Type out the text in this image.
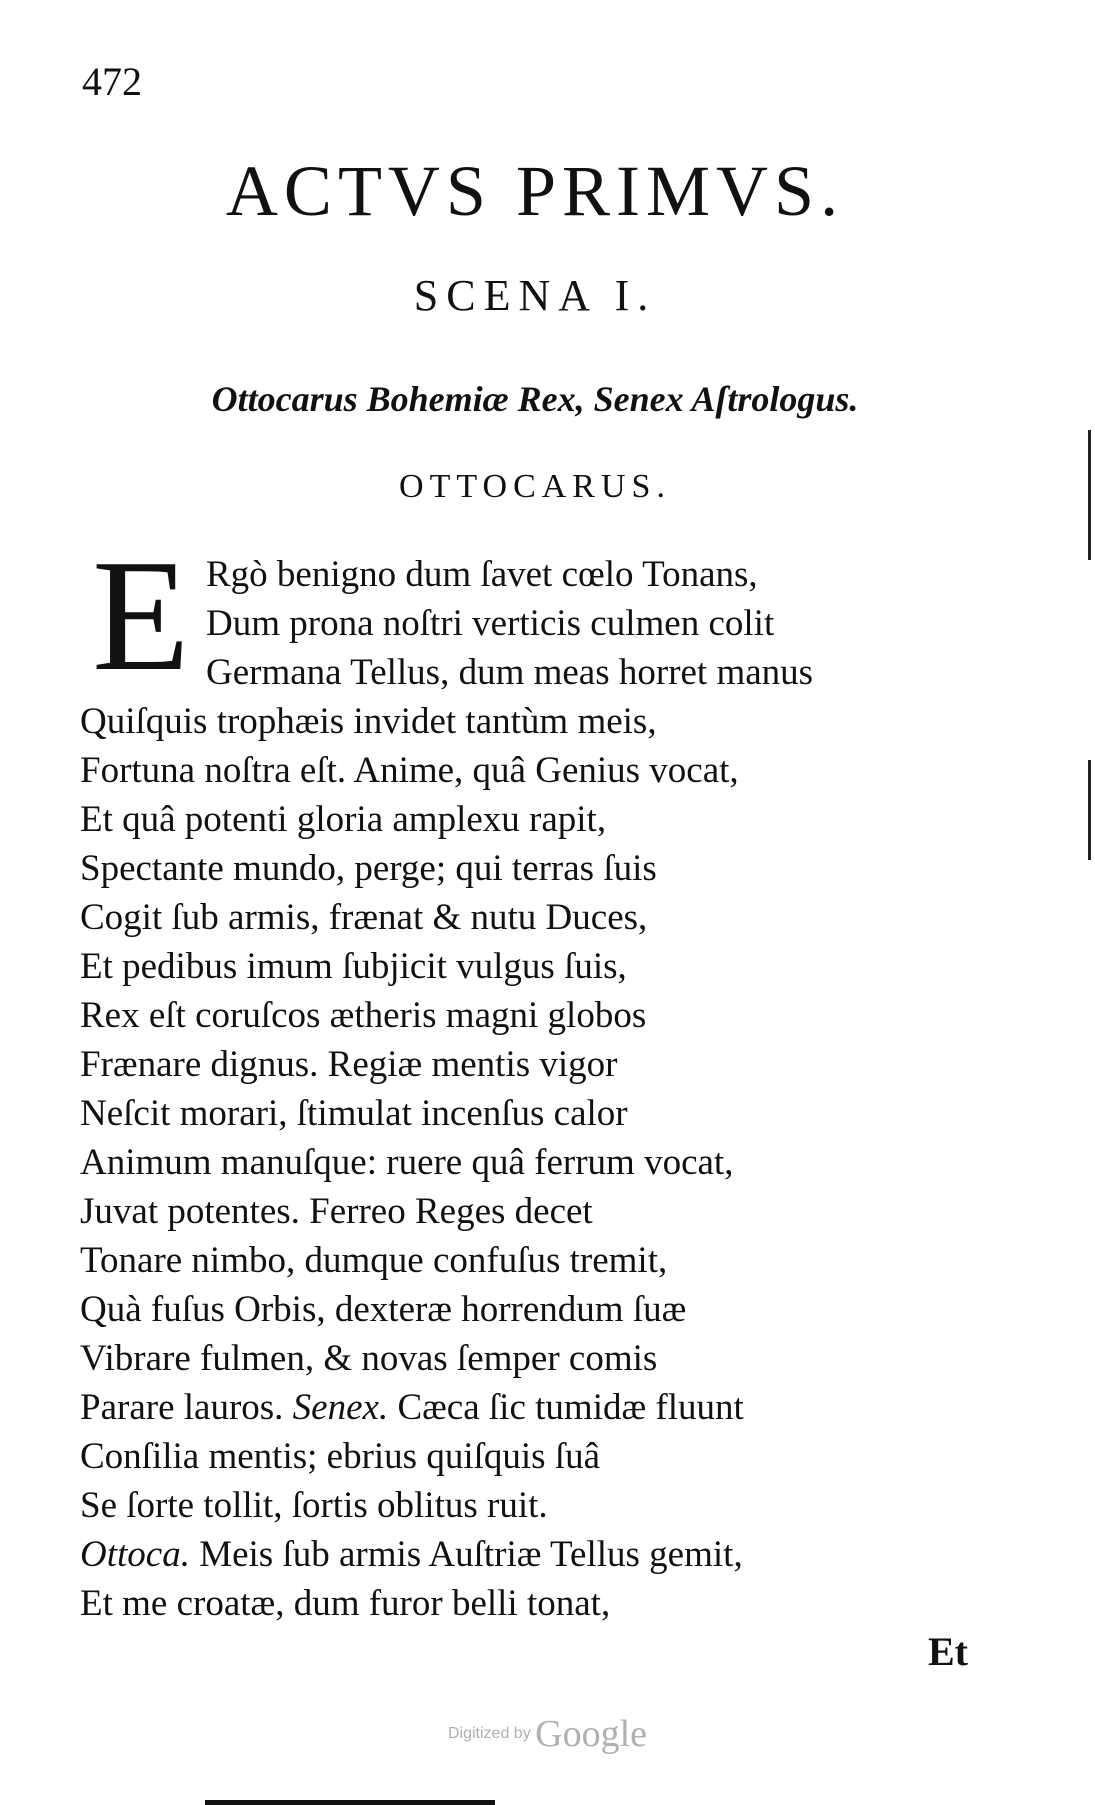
472
ACTVS PRIMVS.
SCENA I.
Ottocarus Bohemiæ Rex, Senex Aſtrologus.
OTTOCARUS.
E Rgò benigno dum ſavet cœlo Tonans,
Dum prona noſtri verticis culmen colit
Germana Tellus, dum meas horret manus
Quiſquis trophæis invidet tantùm meis,
Fortuna noſtra eſt. Anime, quâ Genius vocat,
Et quâ potenti gloria amplexu rapit,
Spectante mundo, perge; qui terras ſuis
Cogit ſub armis, frænat & nutu Duces,
Et pedibus imum ſubjicit vulgus ſuis,
Rex eſt coruſcos ætheris magni globos
Frænare dignus. Regiæ mentis vigor
Neſcit morari, ſtimulat incenſus calor
Animum manuſque: ruere quâ ferrum vocat,
Juvat potentes. Ferreo Reges decet
Tonare nimbo, dumque confuſus tremit,
Quà fuſus Orbis, dexteræ horrendum ſuæ
Vibrare fulmen, & novas ſemper comis
Parare lauros. Senex. Cæca ſic tumidæ fluunt
Conſilia mentis; ebrius quiſquis ſuâ
Se ſorte tollit, ſortis oblitus ruit.
Ottoca. Meis ſub armis Auſtriæ Tellus gemit,
Et me croatæ, dum furor belli tonat,
Et
Digitized by Google
